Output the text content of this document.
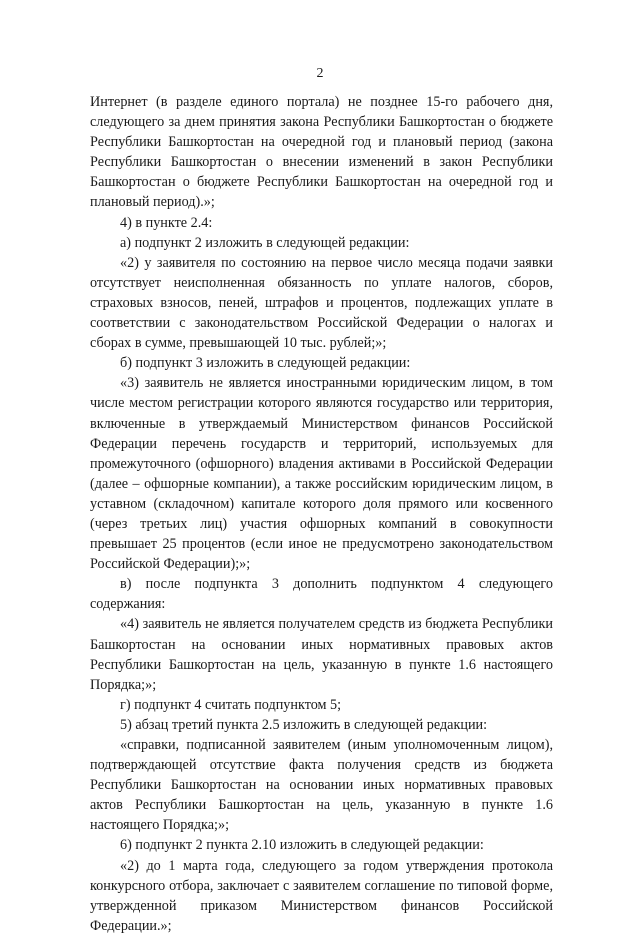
2

Интернет (в разделе единого портала) не позднее 15-го рабочего дня, следующего за днем принятия закона Республики Башкортостан о бюджете Республики Башкортостан на очередной год и плановый период (закона Республики Башкортостан о внесении изменений в закон Республики Башкортостан о бюджете Республики Башкортостан на очередной год и плановый период).»;

4) в пункте 2.4:

а) подпункт 2 изложить в следующей редакции:

«2) у заявителя по состоянию на первое число месяца подачи заявки отсутствует неисполненная обязанность по уплате налогов, сборов, страховых взносов, пеней, штрафов и процентов, подлежащих уплате в соответствии с законодательством Российской Федерации о налогах и сборах в сумме, превышающей 10 тыс. рублей;»;

б) подпункт 3 изложить в следующей редакции:

«3) заявитель не является иностранными юридическим лицом, в том числе местом регистрации которого являются государство или территория, включенные в утверждаемый Министерством финансов Российской Федерации перечень государств и территорий, используемых для промежуточного (офшорного) владения активами в Российской Федерации (далее – офшорные компании), а также российским юридическим лицом, в уставном (складочном) капитале которого доля прямого или косвенного (через третьих лиц) участия офшорных компаний в совокупности превышает 25 процентов (если иное не предусмотрено законодательством Российской Федерации);»;

в) после подпункта 3 дополнить подпунктом 4 следующего содержания:

«4) заявитель не является получателем средств из бюджета Республики Башкортостан на основании иных нормативных правовых актов Республики Башкортостан на цель, указанную в пункте 1.6 настоящего Порядка;»;

г) подпункт 4 считать подпунктом 5;

5) абзац третий пункта 2.5 изложить в следующей редакции:

«справки, подписанной заявителем (иным уполномоченным лицом), подтверждающей отсутствие факта получения средств из бюджета Республики Башкортостан на основании иных нормативных правовых актов Республики Башкортостан на цель, указанную в пункте 1.6 настоящего Порядка;»;

6) подпункт 2 пункта 2.10 изложить в следующей редакции:

«2) до 1 марта года, следующего за годом утверждения протокола конкурсного отбора, заключает с заявителем соглашение по типовой форме, утвержденной приказом Министерством финансов Российской Федерации.»;
